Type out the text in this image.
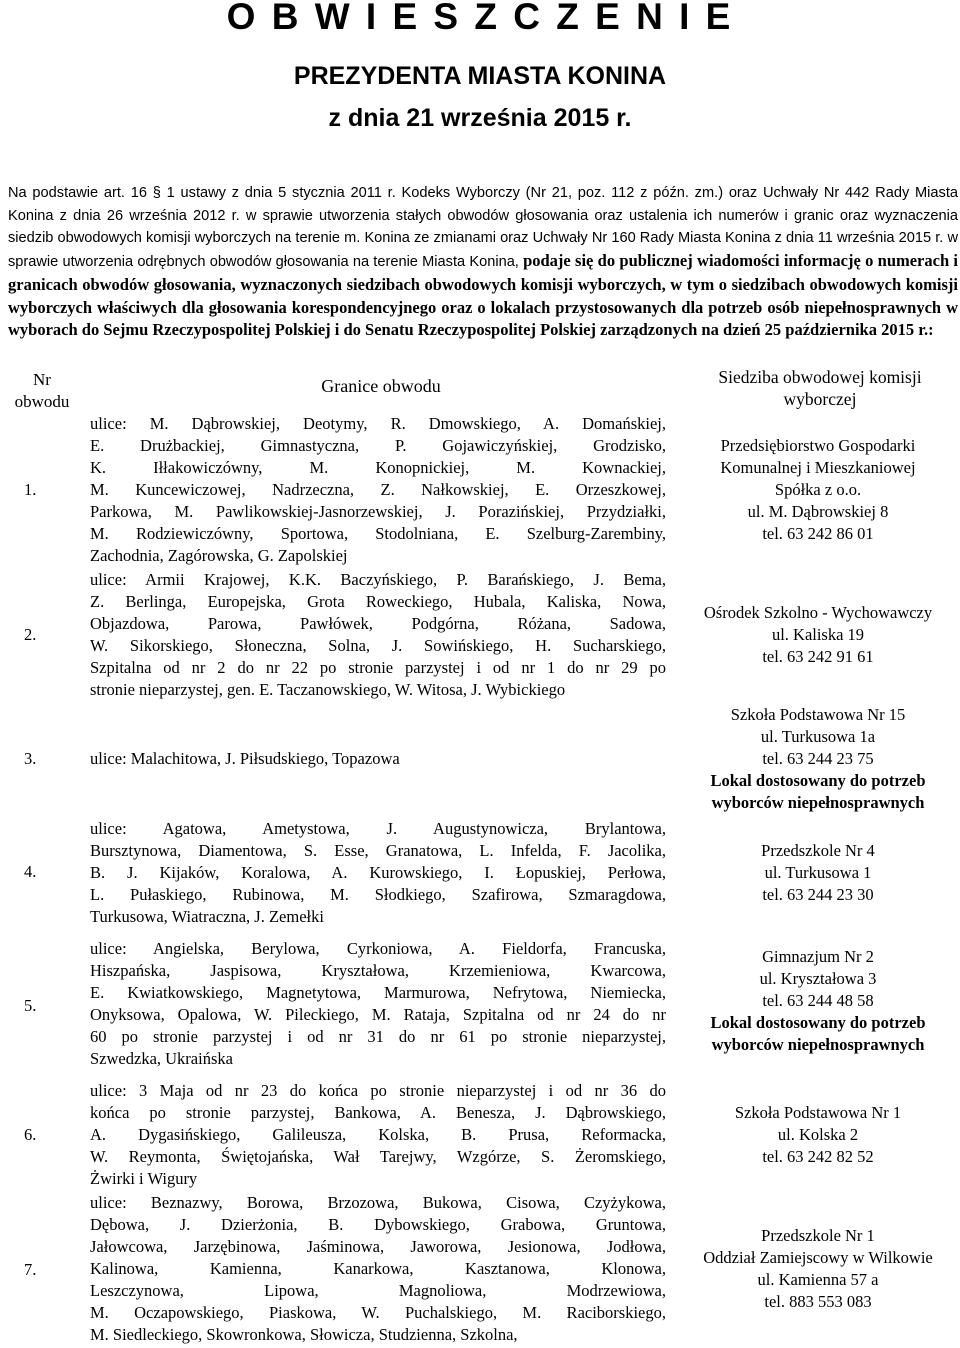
O B W I E S Z C Z E N I E
PREZYDENTA MIASTA KONINA
z dnia 21 września 2015 r.
Na podstawie art. 16 § 1 ustawy z dnia 5 stycznia 2011 r. Kodeks Wyborczy (Nr 21, poz. 112 z późn. zm.) oraz Uchwały Nr 442 Rady Miasta Konina z dnia 26 września 2012 r. w sprawie utworzenia stałych obwodów głosowania oraz ustalenia ich numerów i granic oraz wyznaczenia siedzib obwodowych komisji wyborczych na terenie m. Konina ze zmianami oraz Uchwały Nr 160 Rady Miasta Konina z dnia 11 września 2015 r. w sprawie utworzenia odrębnych obwodów głosowania na terenie Miasta Konina, podaje się do publicznej wiadomości informację o numerach i granicach obwodów głosowania, wyznaczonych siedzibach obwodowych komisji wyborczych, w tym o siedzibach obwodowych komisji wyborczych właściwych dla głosowania korespondencyjnego oraz o lokalach przystosowanych dla potrzeb osób niepełnosprawnych w wyborach do Sejmu Rzeczypospolitej Polskiej i do Senatu Rzeczypospolitej Polskiej zarządzonych na dzień 25 października 2015 r.:
Nr obwodu
Granice obwodu	Siedziba obwodowej komisji wyborczej
1.
ulice: M. Dąbrowskiej, Deotymy, R. Dmowskiego, A. Domańskiej,
E. Drużbackiej, Gimnastyczna, P. Gojawiczyńskiej, Grodzisko,
K. Iłłakowiczówny, M. Konopnickiej, M. Kownackiej,
M. Kuncewiczowej, Nadrzeczna, Z. Nałkowskiej, E. Orzeszkowej,
Parkowa, M. Pawlikowskiej-Jasnorzewskiej, J. Porazińskiej, Przydziałki,
M. Rodziewiczówny, Sportowa, Stodolniana, E. Szelburg-Zarembiny,
Zachodnia, Zagórowska, G. Zapolskiej
Przedsiębiorstwo Gospodarki
Komunalnej i Mieszkaniowej
Spółka z o.o.
ul. M. Dąbrowskiej 8
tel. 63 242 86 01
2.
ulice: Armii Krajowej, K.K. Baczyńskiego, P. Barańskiego, J. Bema,
Z. Berlinga, Europejska, Grota Roweckiego, Hubala, Kaliska, Nowa,
Objazdowa, Parowa, Pawłówek, Podgórna, Różana, Sadowa,
W. Sikorskiego, Słoneczna, Solna, J. Sowińskiego, H. Sucharskiego,
Szpitalna od nr 2 do nr 22 po stronie parzystej i od nr 1 do nr 29 po
stronie nieparzystej, gen. E. Taczanowskiego, W. Witosa, J. Wybickiego
Ośrodek Szkolno - Wychowawczy
ul. Kaliska 19
tel. 63 242 91 61
3.	ulice: Malachitowa, J. Piłsudskiego, Topazowa
Szkoła Podstawowa Nr 15
ul. Turkusowa 1a
tel. 63 244 23 75
Lokal dostosowany do potrzeb
wyborców niepełnosprawnych
4.
ulice: Agatowa, Ametystowa, J. Augustynowicza, Brylantowa,
Bursztynowa, Diamentowa, S. Esse, Granatowa, L. Infelda, F. Jacolika,
B. J. Kijaków, Koralowa, A. Kurowskiego, I. Łopuskiej, Perłowa,
L. Pułaskiego, Rubinowa, M. Słodkiego, Szafirowa, Szmaragdowa,
Turkusowa, Wiatraczna, J. Zemełki
Przedszkole Nr 4
ul. Turkusowa 1
tel. 63 244 23 30
5.
ulice: Angielska, Berylowa, Cyrkoniowa, A. Fieldorfa, Francuska,
Hiszpańska, Jaspisowa, Kryształowa, Krzemieniowa, Kwarcowa,
E. Kwiatkowskiego, Magnetytowa, Marmurowa, Nefrytowa, Niemiecka,
Onyksowa, Opalowa, W. Pileckiego, M. Rataja, Szpitalna od nr 24 do nr
60 po stronie parzystej i od nr 31 do nr 61 po stronie nieparzystej,
Szwedzka, Ukraińska
Gimnazjum Nr 2
ul. Kryształowa 3
tel. 63 244 48 58
Lokal dostosowany do potrzeb
wyborców niepełnosprawnych
6.
ulice: 3 Maja od nr 23 do końca po stronie nieparzystej i od nr 36 do
końca po stronie parzystej, Bankowa, A. Benesza, J. Dąbrowskiego,
A. Dygasińskiego, Galileusza, Kolska, B. Prusa, Reformacka,
W. Reymonta, Świętojańska, Wał Tarejwy, Wzgórze, S. Żeromskiego,
Żwirki i Wigury
Szkoła Podstawowa Nr 1
ul. Kolska 2
tel. 63 242 82 52
7.
ulice: Beznazwy, Borowa, Brzozowa, Bukowa, Cisowa, Czyżykowa,
Dębowa, J. Dzierżonia, B. Dybowskiego, Grabowa, Gruntowa,
Jałowcowa, Jarzębinowa, Jaśminowa, Jaworowa, Jesionowa, Jodłowa,
Kalinowa, Kamienna, Kanarkowa, Kasztanowa, Klonowa,
Leszczynowa, Lipowa, Magnoliowa, Modrzewiowa,
M. Oczapowskiego, Piaskowa, W. Puchalskiego, M. Raciborskiego,
M. Siedleckiego, Skowronkowa, Słowicza, Studzienna, Szkolna,
Przedszkole Nr 1
Oddział Zamiejscowy w Wilkowie
ul. Kamienna 57 a
tel. 883 553 083
